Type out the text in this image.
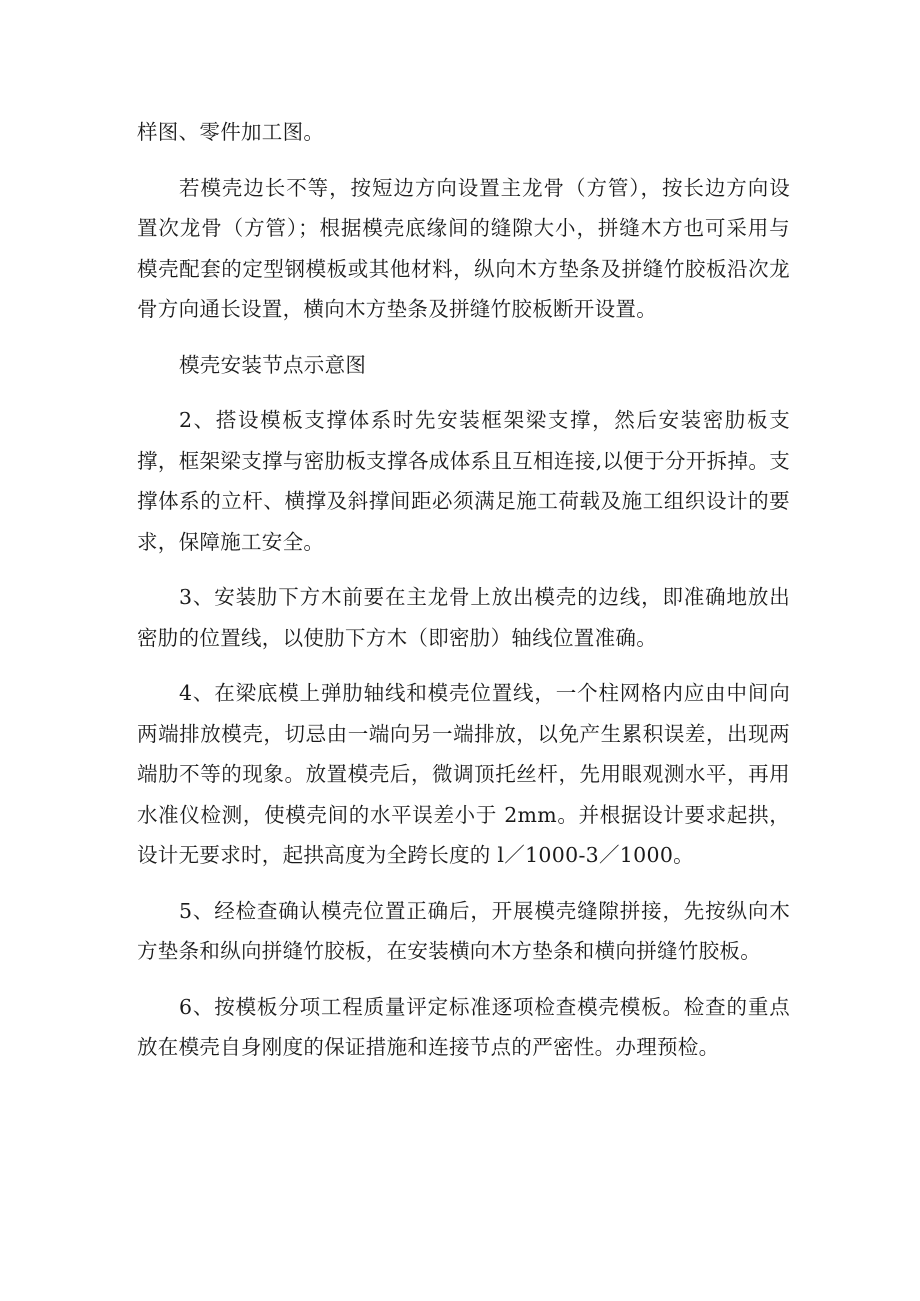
样图、零件加工图。

若模壳边长不等，按短边方向设置主龙骨（方管），按长边方向设置次龙骨（方管）；根据模壳底缘间的缝隙大小，拼缝木方也可采用与模壳配套的定型钢模板或其他材料，纵向木方垫条及拼缝竹胶板沿次龙骨方向通长设置，横向木方垫条及拼缝竹胶板断开设置。

模壳安装节点示意图

2、搭设模板支撑体系时先安装框架梁支撑，然后安装密肋板支撑，框架梁支撑与密肋板支撑各成体系且互相连接,以便于分开拆掉。支撑体系的立杆、横撑及斜撑间距必须满足施工荷载及施工组织设计的要求，保障施工安全。

3、安装肋下方木前要在主龙骨上放出模壳的边线，即准确地放出密肋的位置线，以使肋下方木（即密肋）轴线位置准确。

4、在梁底模上弹肋轴线和模壳位置线，一个柱网格内应由中间向两端排放模壳，切忌由一端向另一端排放，以免产生累积误差，出现两端肋不等的现象。放置模壳后，微调顶托丝杆，先用眼观测水平，再用水准仪检测，使模壳间的水平误差小于 2mm。并根据设计要求起拱，设计无要求时，起拱高度为全跨长度的 l／1000-3／1000。

5、经检查确认模壳位置正确后，开展模壳缝隙拼接，先按纵向木方垫条和纵向拼缝竹胶板，在安装横向木方垫条和横向拼缝竹胶板。

6、按模板分项工程质量评定标准逐项检查模壳模板。检查的重点放在模壳自身刚度的保证措施和连接节点的严密性。办理预检。
